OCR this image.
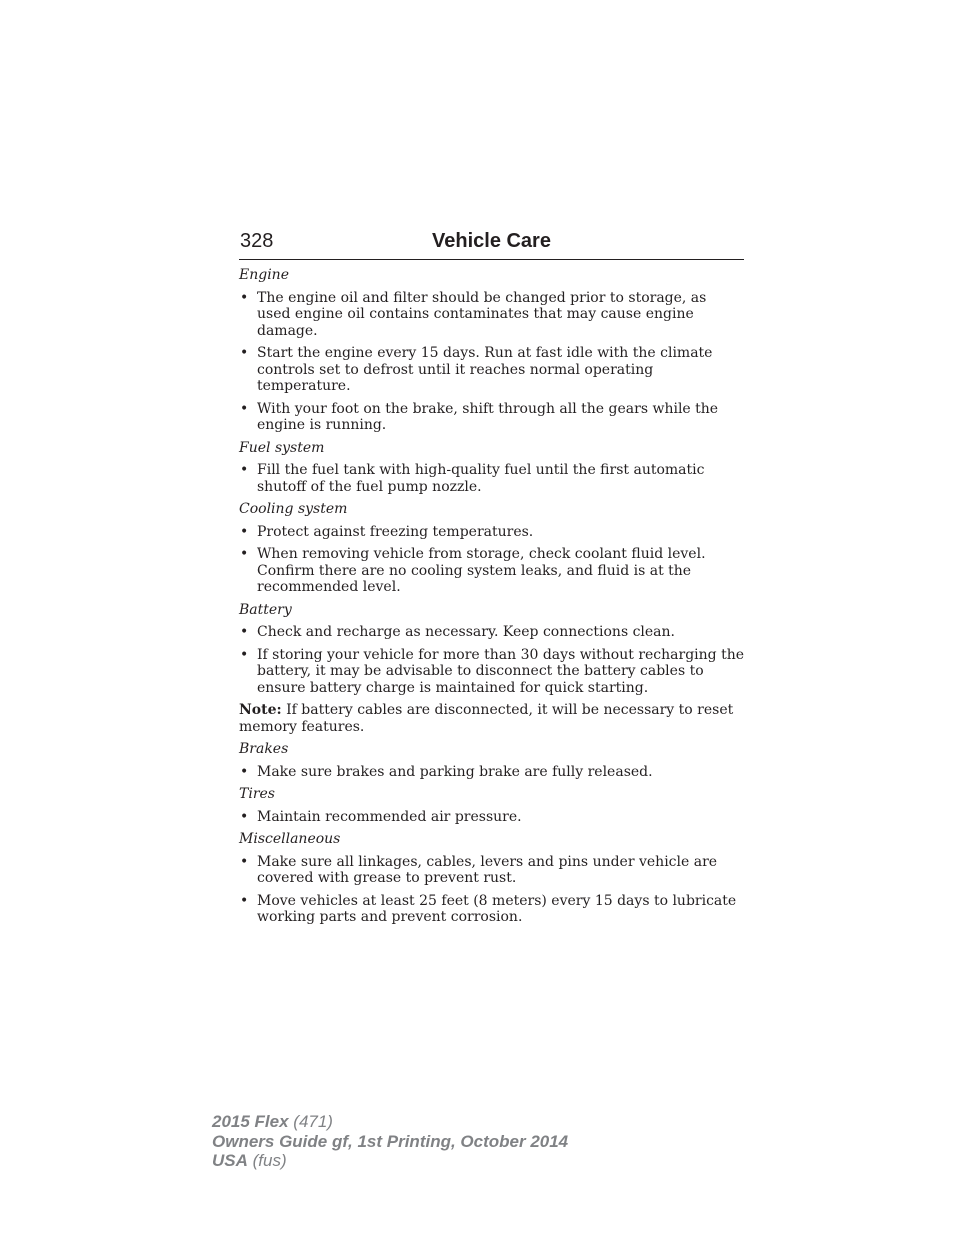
328	Vehicle Care
Engine
• The engine oil and filter should be changed prior to storage, as used engine oil contains contaminates that may cause engine damage.
• Start the engine every 15 days. Run at fast idle with the climate controls set to defrost until it reaches normal operating temperature.
• With your foot on the brake, shift through all the gears while the engine is running.
Fuel system
• Fill the fuel tank with high-quality fuel until the first automatic shutoff of the fuel pump nozzle.
Cooling system
• Protect against freezing temperatures.
• When removing vehicle from storage, check coolant fluid level. Confirm there are no cooling system leaks, and fluid is at the recommended level.
Battery
• Check and recharge as necessary. Keep connections clean.
• If storing your vehicle for more than 30 days without recharging the battery, it may be advisable to disconnect the battery cables to ensure battery charge is maintained for quick starting.
Note: If battery cables are disconnected, it will be necessary to reset memory features.
Brakes
• Make sure brakes and parking brake are fully released.
Tires
• Maintain recommended air pressure.
Miscellaneous
• Make sure all linkages, cables, levers and pins under vehicle are covered with grease to prevent rust.
• Move vehicles at least 25 feet (8 meters) every 15 days to lubricate working parts and prevent corrosion.
2015 Flex (471)
Owners Guide gf, 1st Printing, October 2014
USA (fus)
